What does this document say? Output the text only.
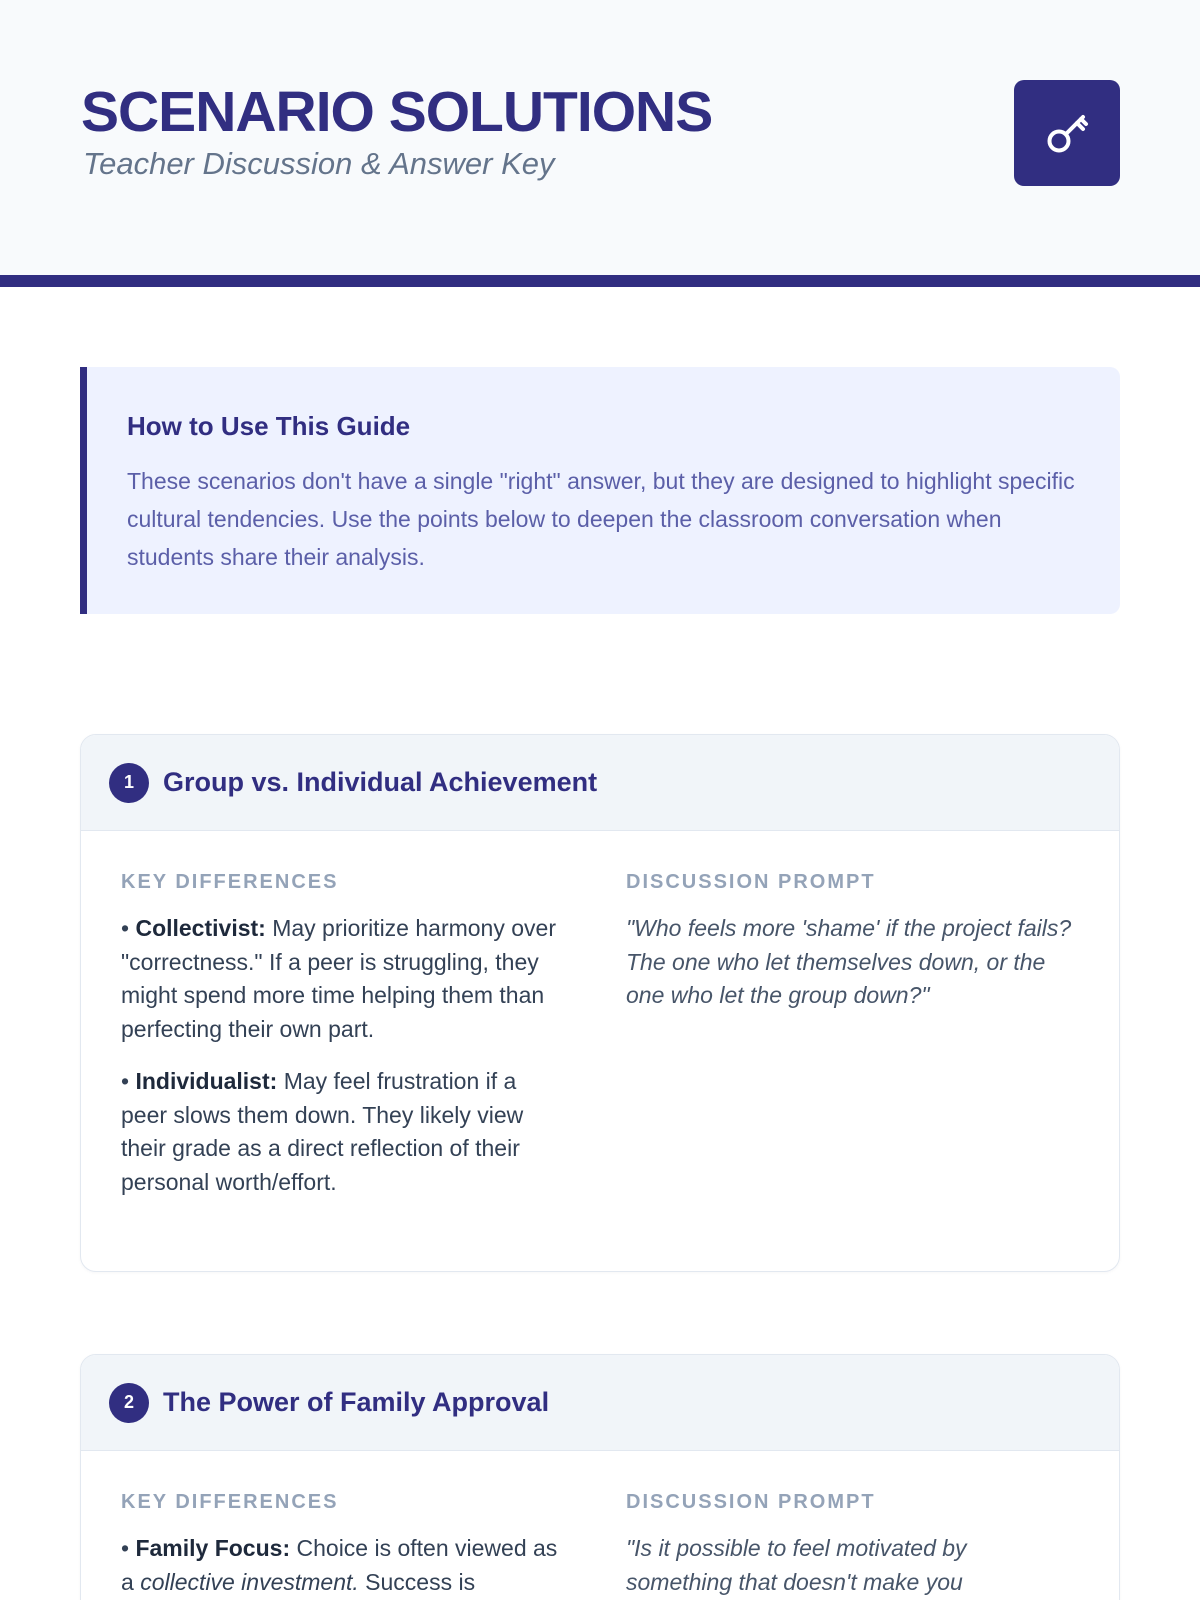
SCENARIO SOLUTIONS
Teacher Discussion & Answer Key
How to Use This Guide

These scenarios don't have a single "right" answer, but they are designed to highlight specific cultural tendencies. Use the points below to deepen the classroom conversation when students share their analysis.

1	Group vs. Individual Achievement
KEY DIFFERENCES

• Collectivist: May prioritize harmony over "correctness." If a peer is struggling, they might spend more time helping them than perfecting their own part.

• Individualist: May feel frustration if a peer slows them down. They likely view their grade as a direct reflection of their personal worth/effort.

DISCUSSION PROMPT

"Who feels more 'shame' if the project fails? The one who let themselves down, or the one who let the group down?"

2	The Power of Family Approval
KEY DIFFERENCES

• Family Focus: Choice is often viewed as a collective investment. Success is

DISCUSSION PROMPT

"Is it possible to feel motivated by something that doesn't make you
